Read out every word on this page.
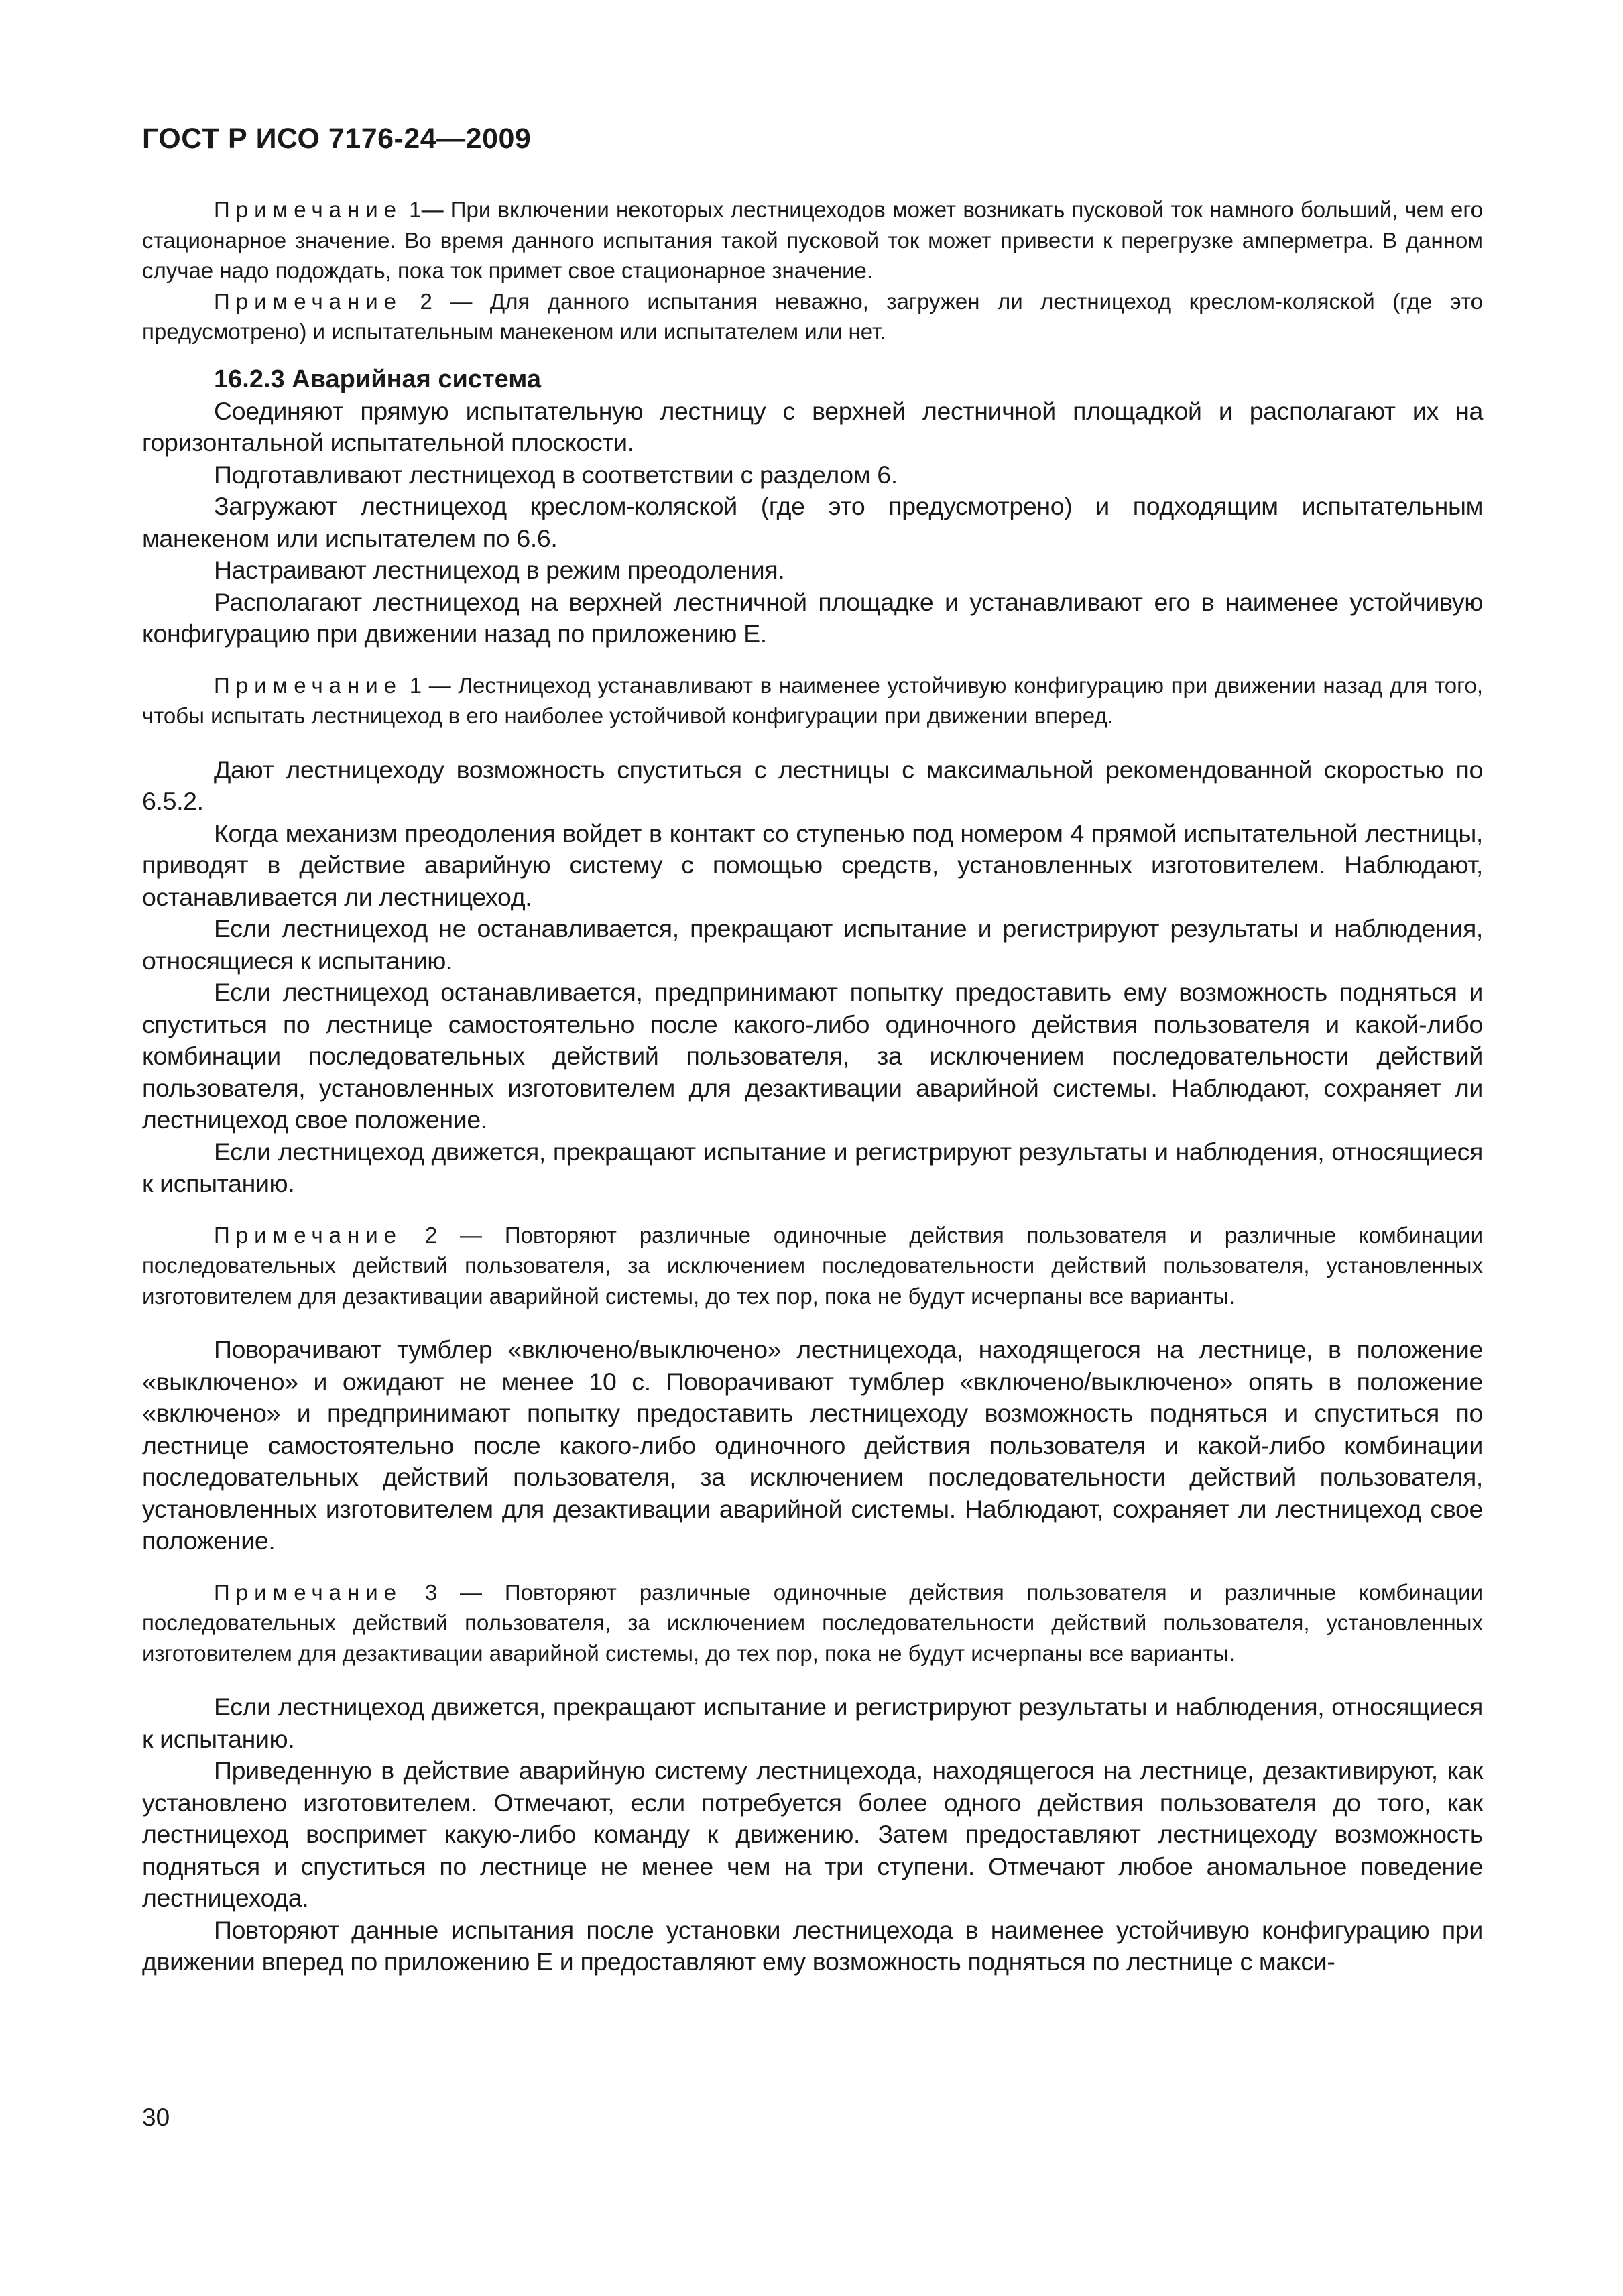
ГОСТ Р ИСО 7176-24—2009

Примечание 1— При включении некоторых лестницеходов может возникать пусковой ток намного больший, чем его стационарное значение. Во время данного испытания такой пусковой ток может привести к перегрузке амперметра. В данном случае надо подождать, пока ток примет свое стационарное значение.

Примечание 2 — Для данного испытания неважно, загружен ли лестницеход креслом-коляской (где это предусмотрено) и испытательным манекеном или испытателем или нет.

16.2.3 Аварийная система

Соединяют прямую испытательную лестницу с верхней лестничной площадкой и располагают их на горизонтальной испытательной плоскости.

Подготавливают лестницеход в соответствии с разделом 6.

Загружают лестницеход креслом-коляской (где это предусмотрено) и подходящим испытательным манекеном или испытателем по 6.6.

Настраивают лестницеход в режим преодоления.

Располагают лестницеход на верхней лестничной площадке и устанавливают его в наименее устойчивую конфигурацию при движении назад по приложению Е.

Примечание 1 — Лестницеход устанавливают в наименее устойчивую конфигурацию при движении назад для того, чтобы испытать лестницеход в его наиболее устойчивой конфигурации при движении вперед.

Дают лестницеходу возможность спуститься с лестницы с максимальной рекомендованной скоростью по 6.5.2.

Когда механизм преодоления войдет в контакт со ступенью под номером 4 прямой испытательной лестницы, приводят в действие аварийную систему с помощью средств, установленных изготовителем. Наблюдают, останавливается ли лестницеход.

Если лестницеход не останавливается, прекращают испытание и регистрируют результаты и наблюдения, относящиеся к испытанию.

Если лестницеход останавливается, предпринимают попытку предоставить ему возможность подняться и спуститься по лестнице самостоятельно после какого-либо одиночного действия пользователя и какой-либо комбинации последовательных действий пользователя, за исключением последовательности действий пользователя, установленных изготовителем для дезактивации аварийной системы. Наблюдают, сохраняет ли лестницеход свое положение.

Если лестницеход движется, прекращают испытание и регистрируют результаты и наблюдения, относящиеся к испытанию.

Примечание 2 — Повторяют различные одиночные действия пользователя и различные комбинации последовательных действий пользователя, за исключением последовательности действий пользователя, установленных изготовителем для дезактивации аварийной системы, до тех пор, пока не будут исчерпаны все варианты.

Поворачивают тумблер «включено/выключено» лестницехода, находящегося на лестнице, в положение «выключено» и ожидают не менее 10 с. Поворачивают тумблер «включено/выключено» опять в положение «включено» и предпринимают попытку предоставить лестницеходу возможность подняться и спуститься по лестнице самостоятельно после какого-либо одиночного действия пользователя и какой-либо комбинации последовательных действий пользователя, за исключением последовательности действий пользователя, установленных изготовителем для дезактивации аварийной системы. Наблюдают, сохраняет ли лестницеход свое положение.

Примечание 3 — Повторяют различные одиночные действия пользователя и различные комбинации последовательных действий пользователя, за исключением последовательности действий пользователя, установленных изготовителем для дезактивации аварийной системы, до тех пор, пока не будут исчерпаны все варианты.

Если лестницеход движется, прекращают испытание и регистрируют результаты и наблюдения, относящиеся к испытанию.

Приведенную в действие аварийную систему лестницехода, находящегося на лестнице, дезактивируют, как установлено изготовителем. Отмечают, если потребуется более одного действия пользователя до того, как лестницеход воспримет какую-либо команду к движению. Затем предоставляют лестницеходу возможность подняться и спуститься по лестнице не менее чем на три ступени. Отмечают любое аномальное поведение лестницехода.

Повторяют данные испытания после установки лестницехода в наименее устойчивую конфигурацию при движении вперед по приложению Е и предоставляют ему возможность подняться по лестнице с макси-

30
